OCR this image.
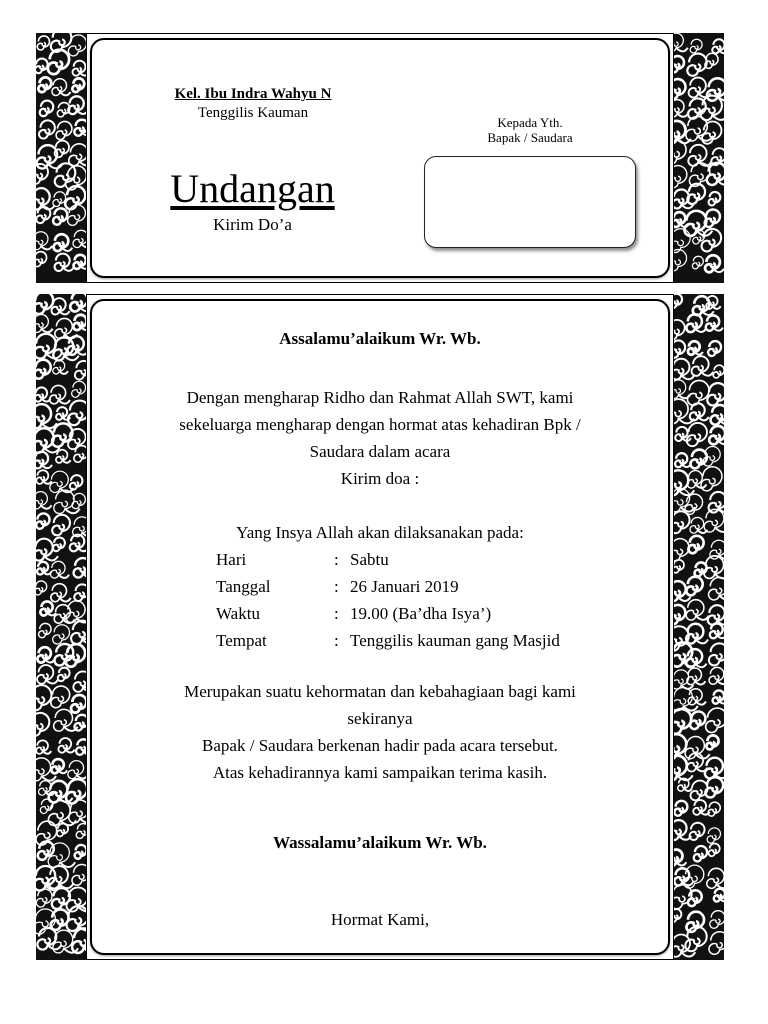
Kel. Ibu Indra Wahyu N
Tenggilis Kauman
Undangan
Kirim Do’a
Kepada Yth.
Bapak / Saudara
Assalamu’alaikum Wr. Wb.
Dengan mengharap Ridho dan Rahmat Allah SWT, kami
sekeluarga mengharap dengan hormat atas kehadiran Bpk /
Saudara dalam acara
Kirim doa :
Yang Insya Allah akan dilaksanakan pada:
Hari	: Sabtu
Tanggal	: 26 Januari 2019
Waktu	: 19.00 (Ba’dha Isya’)
Tempat	: Tenggilis kauman gang Masjid
Merupakan suatu kehormatan dan kebahagiaan bagi kami
sekiranya
Bapak / Saudara berkenan hadir pada acara tersebut.
Atas kehadirannya kami sampaikan terima kasih.
Wassalamu’alaikum Wr. Wb.
Hormat Kami,
